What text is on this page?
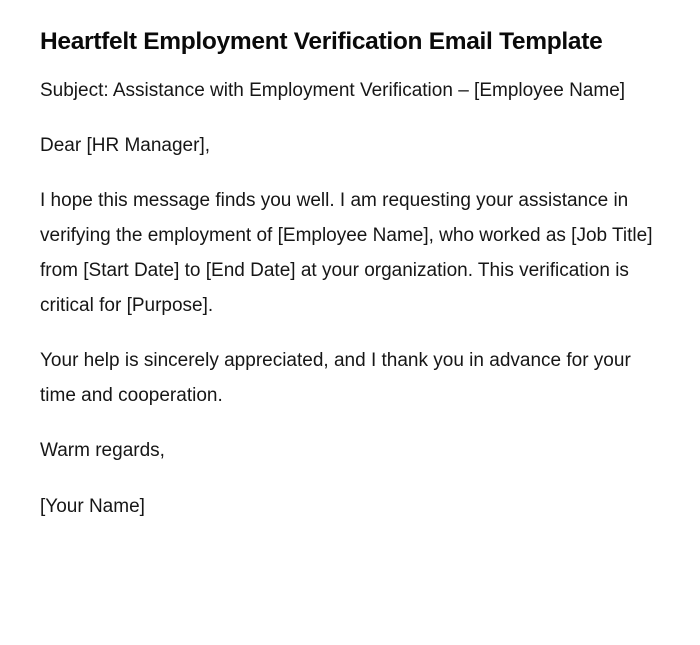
Heartfelt Employment Verification Email Template

Subject: Assistance with Employment Verification – [Employee Name]

Dear [HR Manager],

I hope this message finds you well. I am requesting your assistance in verifying the employment of [Employee Name], who worked as [Job Title] from [Start Date] to [End Date] at your organization. This verification is critical for [Purpose].

Your help is sincerely appreciated, and I thank you in advance for your time and cooperation.

Warm regards,

[Your Name]
